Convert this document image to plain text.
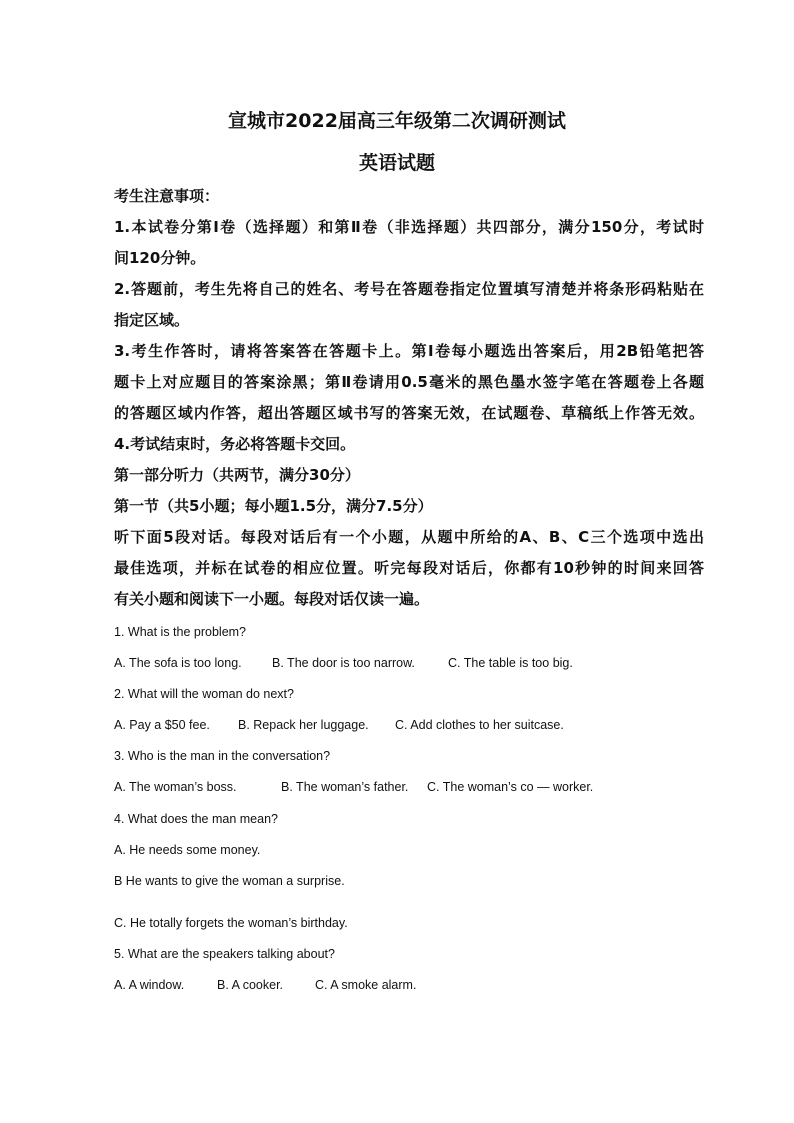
宣城市2022届高三年级第二次调研测试
英语试题
考生注意事项：
1.本试卷分第Ⅰ卷（选择题）和第Ⅱ卷（非选择题）共四部分，满分150分，考试时
间120分钟。
2.答题前，考生先将自己的姓名、考号在答题卷指定位置填写清楚并将条形码粘贴在
指定区域。
3.考生作答时，请将答案答在答题卡上。第Ⅰ卷每小题选出答案后，用2B铅笔把答
题卡上对应题目的答案涂黑；第Ⅱ卷请用0.5毫米的黑色墨水签字笔在答题卷上各题
的答题区域内作答，超出答题区域书写的答案无效，在试题卷、草稿纸上作答无效。
4.考试结束时，务必将答题卡交回。
第一部分听力（共两节，满分30分）
第一节（共5小题；每小题1.5分，满分7.5分）
听下面5段对话。每段对话后有一个小题，从题中所给的A、B、C三个选项中选出
最佳选项，并标在试卷的相应位置。听完每段对话后，你都有10秒钟的时间来回答
有关小题和阅读下一小题。每段对话仅读一遍。
1. What is the problem?
A. The sofa is too long. B. The door is too narrow.	C. The table is too big.
2. What will the woman do next?
A. Pay a $50 fee. B. Repack her luggage. C. Add clothes to her suitcase.
3. Who is the man in the conversation?
A. The woman’s boss.	B. The woman’s father. C. The woman’s co — worker.
4. What does the man mean?
A. He needs some money.
B He wants to give the woman a surprise.
C. He totally forgets the woman’s birthday.
5. What are the speakers talking about?
A. A window.	B. A cooker.	C. A smoke alarm.
